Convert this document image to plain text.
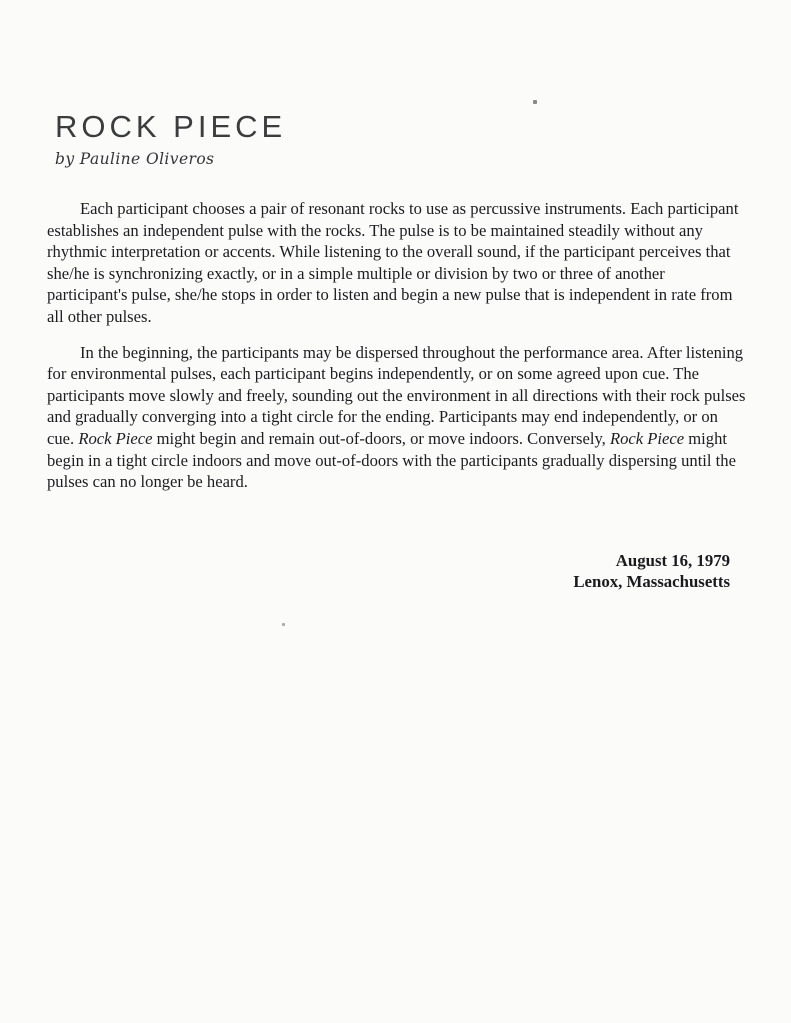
ROCK PIECE
by Pauline Oliveros

Each participant chooses a pair of resonant rocks to use as percussive instruments. Each participant establishes an independent pulse with the rocks. The pulse is to be maintained steadily without any rhythmic interpretation or accents. While listening to the overall sound, if the participant perceives that she/he is synchronizing exactly, or in a simple multiple or division by two or three of another participant's pulse, she/he stops in order to listen and begin a new pulse that is independent in rate from all other pulses.

In the beginning, the participants may be dispersed throughout the performance area. After listening for environmental pulses, each participant begins independently, or on some agreed upon cue. The participants move slowly and freely, sounding out the environment in all directions with their rock pulses and gradually converging into a tight circle for the ending. Participants may end independently, or on cue. Rock Piece might begin and remain out-of-doors, or move indoors. Conversely, Rock Piece might begin in a tight circle indoors and move out-of-doors with the participants gradually dispersing until the pulses can no longer be heard.

August 16, 1979
Lenox, Massachusetts
